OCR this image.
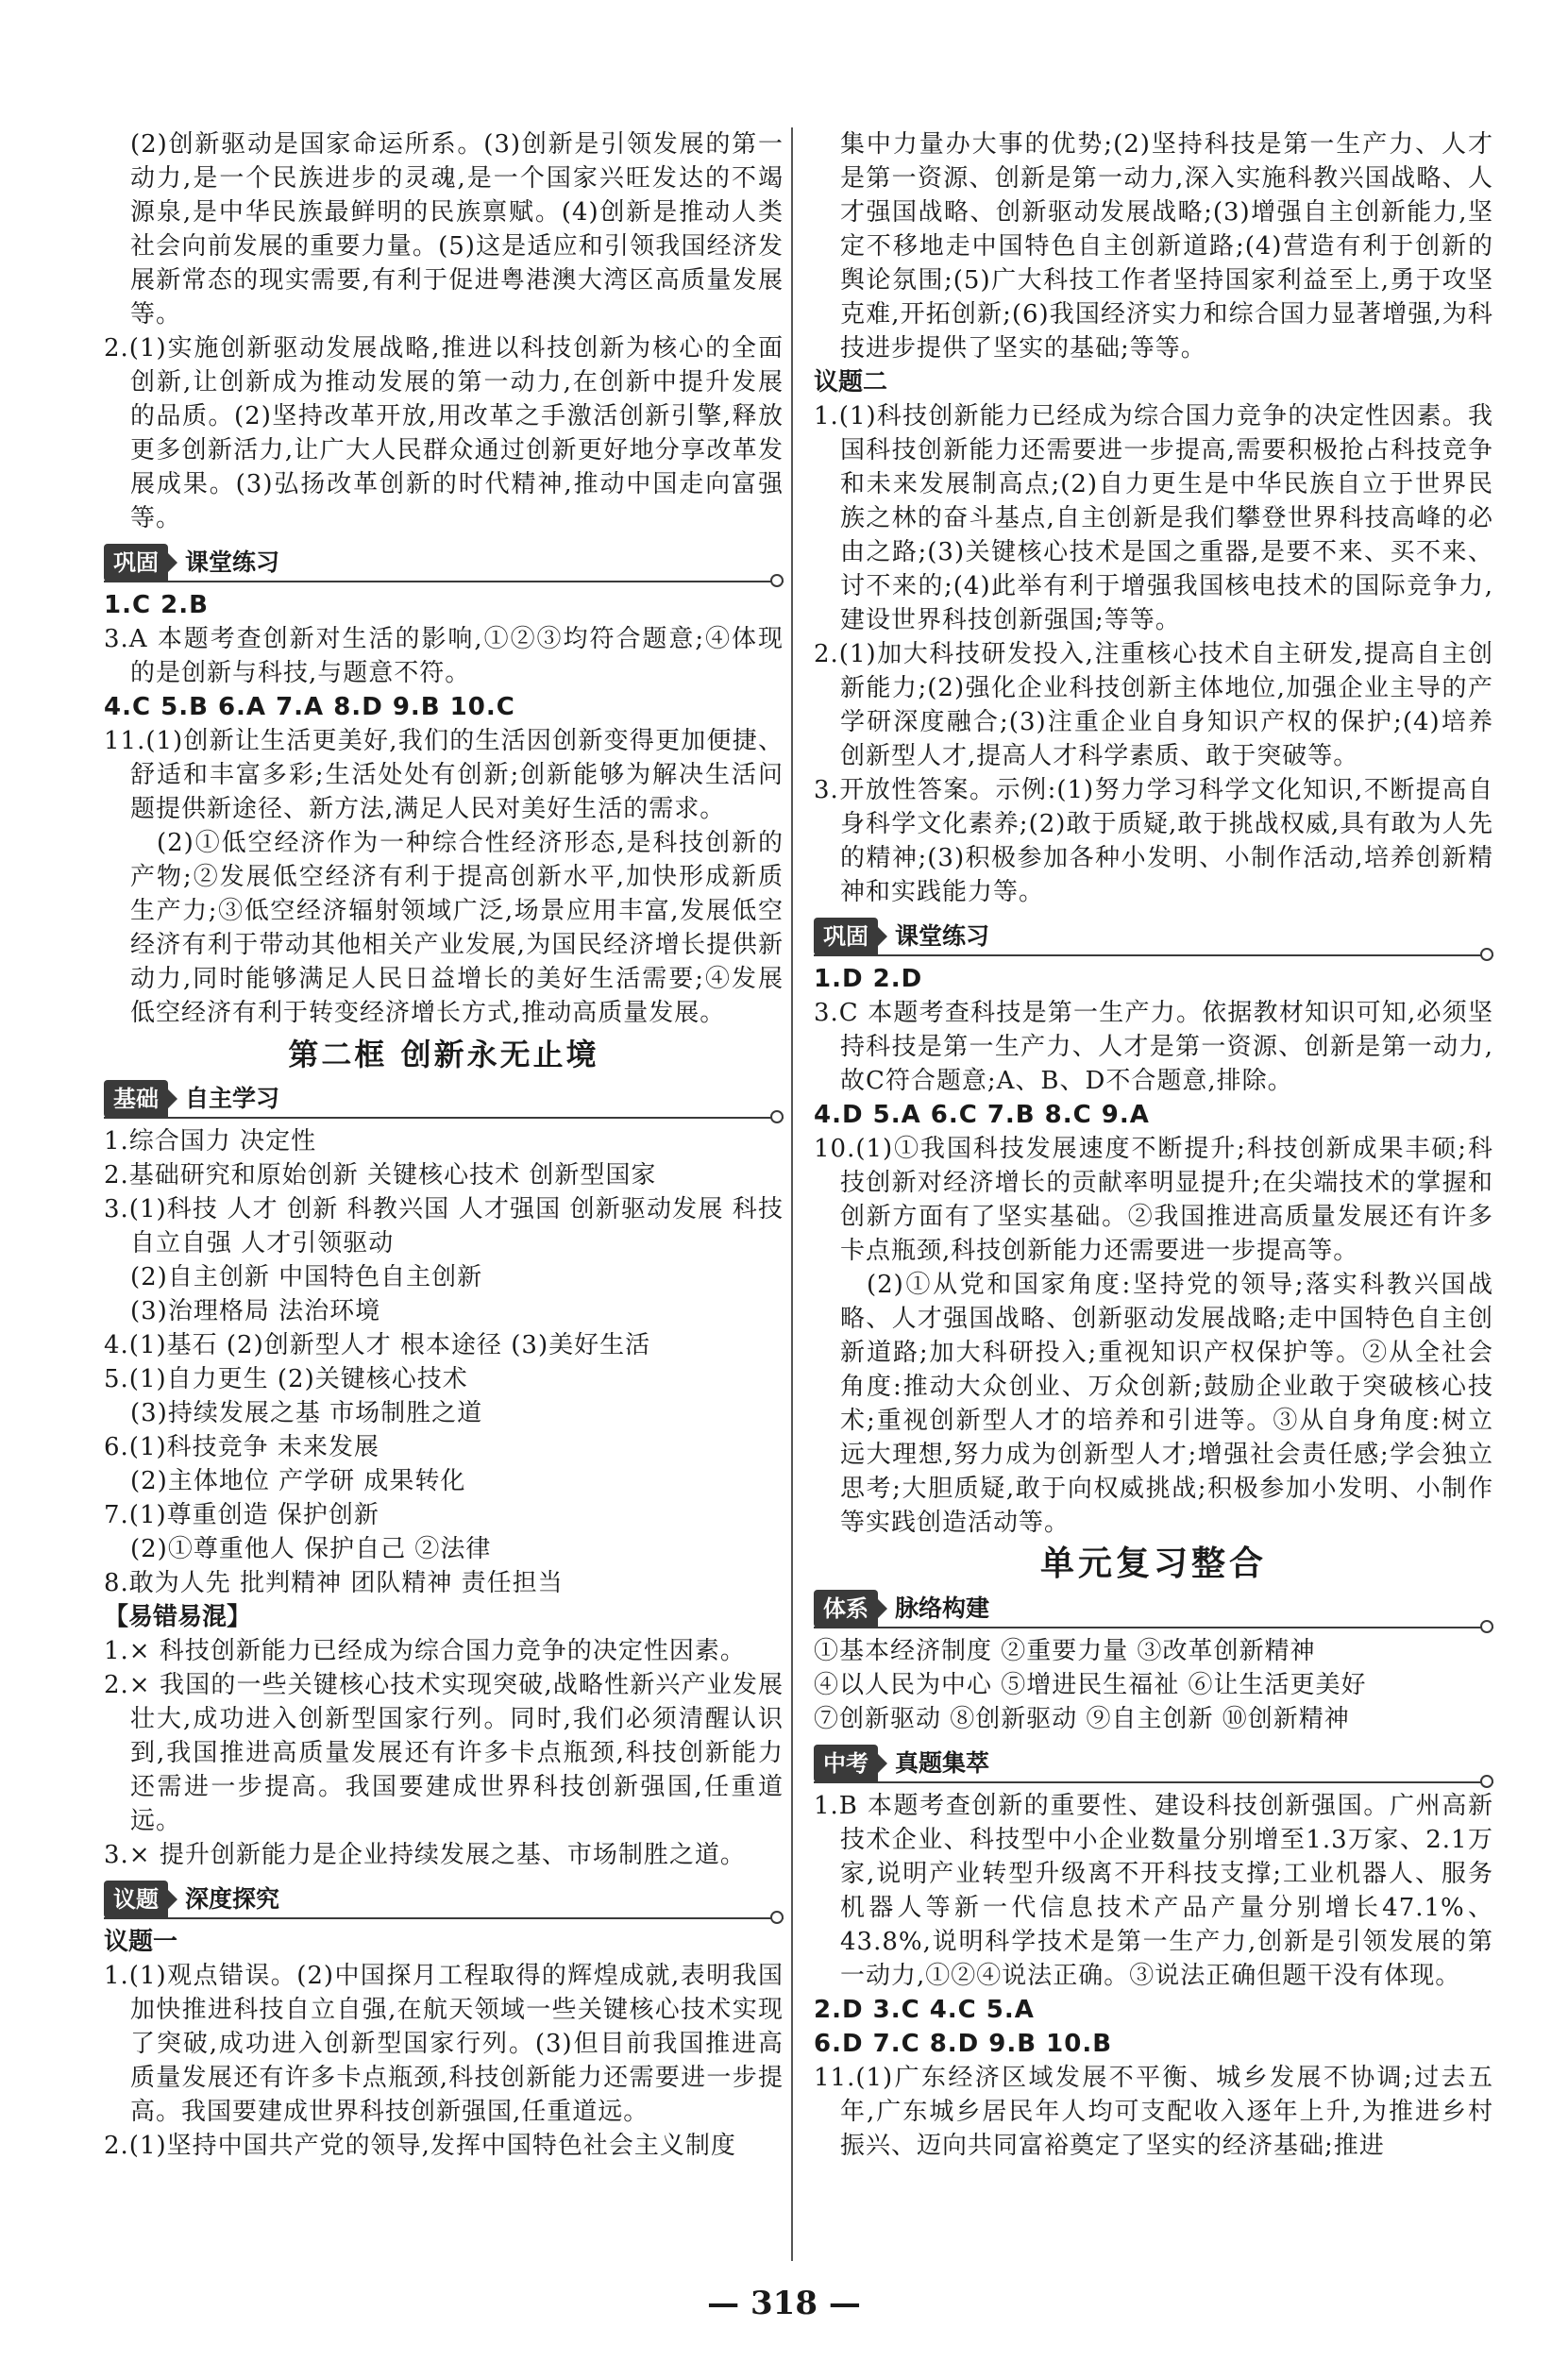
(2)创新驱动是国家命运所系。(3)创新是引领发展的第一动力,是一个民族进步的灵魂,是一个国家兴旺发达的不竭源泉,是中华民族最鲜明的民族禀赋。(4)创新是推动人类社会向前发展的重要力量。(5)这是适应和引领我国经济发展新常态的现实需要,有利于促进粤港澳大湾区高质量发展等。

2.(1)实施创新驱动发展战略,推进以科技创新为核心的全面创新,让创新成为推动发展的第一动力,在创新中提升发展的品质。(2)坚持改革开放,用改革之手激活创新引擎,释放更多创新活力,让广大人民群众通过创新更好地分享改革发展成果。(3)弘扬改革创新的时代精神,推动中国走向富强等。

巩固	课堂练习

1.C 2.B

3.A 本题考查创新对生活的影响,①②③均符合题意;④体现的是创新与科技,与题意不符。

4.C 5.B 6.A 7.A 8.D 9.B 10.C

11.(1)创新让生活更美好,我们的生活因创新变得更加便捷、舒适和丰富多彩;生活处处有创新;创新能够为解决生活问题提供新途径、新方法,满足人民对美好生活的需求。

(2)①低空经济作为一种综合性经济形态,是科技创新的产物;②发展低空经济有利于提高创新水平,加快形成新质生产力;③低空经济辐射领域广泛,场景应用丰富,发展低空经济有利于带动其他相关产业发展,为国民经济增长提供新动力,同时能够满足人民日益增长的美好生活需要;④发展低空经济有利于转变经济增长方式,推动高质量发展。

第二框 创新永无止境
基础	自主学习

1.综合国力 决定性

2.基础研究和原始创新 关键核心技术 创新型国家

3.(1)科技 人才 创新 科教兴国 人才强国 创新驱动发展 科技自立自强 人才引领驱动

(2)自主创新 中国特色自主创新

(3)治理格局 法治环境

4.(1)基石 (2)创新型人才 根本途径 (3)美好生活

5.(1)自力更生 (2)关键核心技术

(3)持续发展之基 市场制胜之道

6.(1)科技竞争 未来发展

(2)主体地位 产学研 成果转化

7.(1)尊重创造 保护创新

(2)①尊重他人 保护自己 ②法律

8.敢为人先 批判精神 团队精神 责任担当

【易错易混】

1.× 科技创新能力已经成为综合国力竞争的决定性因素。

2.× 我国的一些关键核心技术实现突破,战略性新兴产业发展壮大,成功进入创新型国家行列。同时,我们必须清醒认识到,我国推进高质量发展还有许多卡点瓶颈,科技创新能力还需进一步提高。我国要建成世界科技创新强国,任重道远。

3.× 提升创新能力是企业持续发展之基、市场制胜之道。

议题	深度探究

议题一

1.(1)观点错误。(2)中国探月工程取得的辉煌成就,表明我国加快推进科技自立自强,在航天领域一些关键核心技术实现了突破,成功进入创新型国家行列。(3)但目前我国推进高质量发展还有许多卡点瓶颈,科技创新能力还需要进一步提高。我国要建成世界科技创新强国,任重道远。

2.(1)坚持中国共产党的领导,发挥中国特色社会主义制度

集中力量办大事的优势;(2)坚持科技是第一生产力、人才是第一资源、创新是第一动力,深入实施科教兴国战略、人才强国战略、创新驱动发展战略;(3)增强自主创新能力,坚定不移地走中国特色自主创新道路;(4)营造有利于创新的舆论氛围;(5)广大科技工作者坚持国家利益至上,勇于攻坚克难,开拓创新;(6)我国经济实力和综合国力显著增强,为科技进步提供了坚实的基础;等等。

议题二

1.(1)科技创新能力已经成为综合国力竞争的决定性因素。我国科技创新能力还需要进一步提高,需要积极抢占科技竞争和未来发展制高点;(2)自力更生是中华民族自立于世界民族之林的奋斗基点,自主创新是我们攀登世界科技高峰的必由之路;(3)关键核心技术是国之重器,是要不来、买不来、讨不来的;(4)此举有利于增强我国核电技术的国际竞争力,建设世界科技创新强国;等等。

2.(1)加大科技研发投入,注重核心技术自主研发,提高自主创新能力;(2)强化企业科技创新主体地位,加强企业主导的产学研深度融合;(3)注重企业自身知识产权的保护;(4)培养创新型人才,提高人才科学素质、敢于突破等。

3.开放性答案。示例:(1)努力学习科学文化知识,不断提高自身科学文化素养;(2)敢于质疑,敢于挑战权威,具有敢为人先的精神;(3)积极参加各种小发明、小制作活动,培养创新精神和实践能力等。

巩固	课堂练习

1.D 2.D

3.C 本题考查科技是第一生产力。依据教材知识可知,必须坚持科技是第一生产力、人才是第一资源、创新是第一动力,故C符合题意;A、B、D不合题意,排除。

4.D 5.A 6.C 7.B 8.C 9.A

10.(1)①我国科技发展速度不断提升;科技创新成果丰硕;科技创新对经济增长的贡献率明显提升;在尖端技术的掌握和创新方面有了坚实基础。②我国推进高质量发展还有许多卡点瓶颈,科技创新能力还需要进一步提高等。

(2)①从党和国家角度:坚持党的领导;落实科教兴国战略、人才强国战略、创新驱动发展战略;走中国特色自主创新道路;加大科研投入;重视知识产权保护等。②从全社会角度:推动大众创业、万众创新;鼓励企业敢于突破核心技术;重视创新型人才的培养和引进等。③从自身角度:树立远大理想,努力成为创新型人才;增强社会责任感;学会独立思考;大胆质疑,敢于向权威挑战;积极参加小发明、小制作等实践创造活动等。

单元复习整合
体系	脉络构建

①基本经济制度 ②重要力量 ③改革创新精神

④以人民为中心 ⑤增进民生福祉 ⑥让生活更美好

⑦创新驱动 ⑧创新驱动 ⑨自主创新 ⑩创新精神

中考	真题集萃

1.B 本题考查创新的重要性、建设科技创新强国。广州高新技术企业、科技型中小企业数量分别增至1.3万家、2.1万家,说明产业转型升级离不开科技支撑;工业机器人、服务机器人等新一代信息技术产品产量分别增长47.1%、43.8%,说明科学技术是第一生产力,创新是引领发展的第一动力,①②④说法正确。③说法正确但题干没有体现。

2.D 3.C 4.C 5.A

6.D 7.C 8.D 9.B 10.B

11.(1)广东经济区域发展不平衡、城乡发展不协调;过去五年,广东城乡居民年人均可支配收入逐年上升,为推进乡村振兴、迈向共同富裕奠定了坚实的经济基础;推进

— 318 —
